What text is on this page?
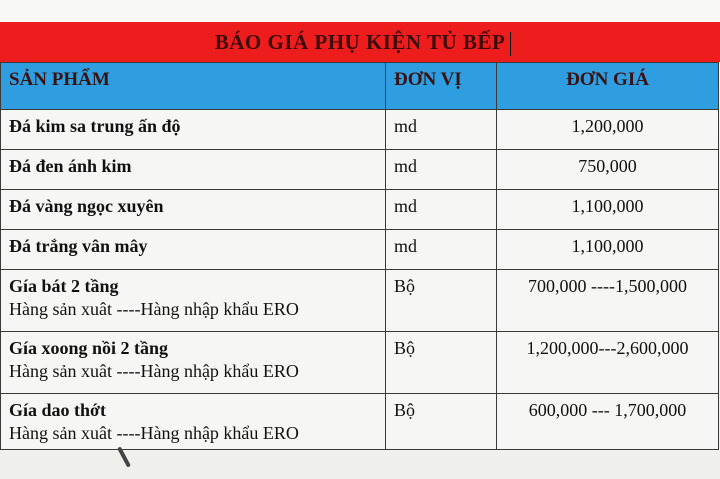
BÁO GIÁ PHỤ KIỆN TỦ BẾP
SẢN PHẨM	ĐƠN VỊ	ĐƠN GIÁ
Đá kim sa trung ấn độ	md	1,200,000
Đá đen ánh kim	md	750,000
Đá vàng ngọc xuyên	md	1,100,000
Đá trắng vân mây	md	1,100,000
Gía bát 2 tầng
Hàng sản xuât ----Hàng nhập khẩu ERO	Bộ	700,000 ----1,500,000
Gía xoong nồi 2 tầng
Hàng sản xuât ----Hàng nhập khẩu ERO	Bộ	1,200,000---2,600,000
Gía dao thớt
Hàng sản xuât ----Hàng nhập khẩu ERO	Bộ	600,000 --- 1,700,000
